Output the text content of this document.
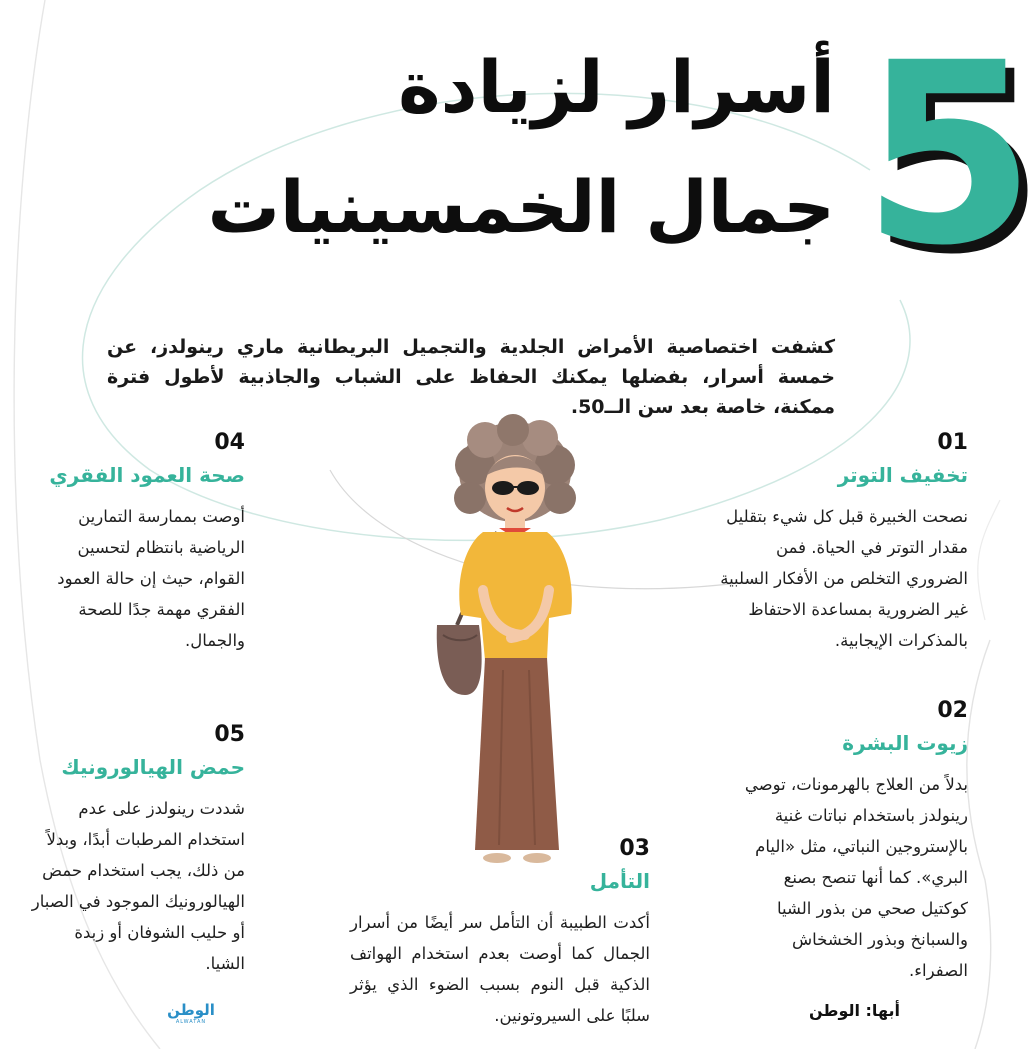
5
أسرار لزيادة
جمال الخمسينيات
كشفت اختصاصية الأمراض الجلدية والتجميل البريطانية ماري رينولدز، عن خمسة أسرار، بفضلها يمكنك الحفاظ على الشباب والجاذبية لأطول فترة ممكنة، خاصة بعد سن الــ50.
01
تخفيف التوتر
نصحت الخبيرة قبل كل شيء بتقليل مقدار التوتر في الحياة. فمن الضروري التخلص من الأفكار السلبية غير الضرورية بمساعدة الاحتفاظ بالمذكرات الإيجابية.
02
زيوت البشرة
بدلاً من العلاج بالهرمونات، توصي رينولدز باستخدام نباتات غنية بالإستروجين النباتي، مثل «اليام البري». كما أنها تنصح بصنع كوكتيل صحي من بذور الشيا والسبانخ وبذور الخشخاش الصفراء.
03
التأمل
أكدت الطبيبة أن التأمل سر أيضًا من أسرار الجمال كما أوصت بعدم استخدام الهواتف الذكية قبل النوم بسبب الضوء الذي يؤثر سلبًا على السيروتونين.
04
صحة العمود الفقري
أوصت بممارسة التمارين الرياضية بانتظام لتحسين القوام، حيث إن حالة العمود الفقري مهمة جدًا للصحة والجمال.
05
حمض الهيالورونيك
شددت رينولدز على عدم استخدام المرطبات أبدًا، وبدلاً من ذلك، يجب استخدام حمض الهيالورونيك الموجود في الصبار أو حليب الشوفان أو زبدة الشيا.
أبها: الوطن
الوطن
ALWATAN
